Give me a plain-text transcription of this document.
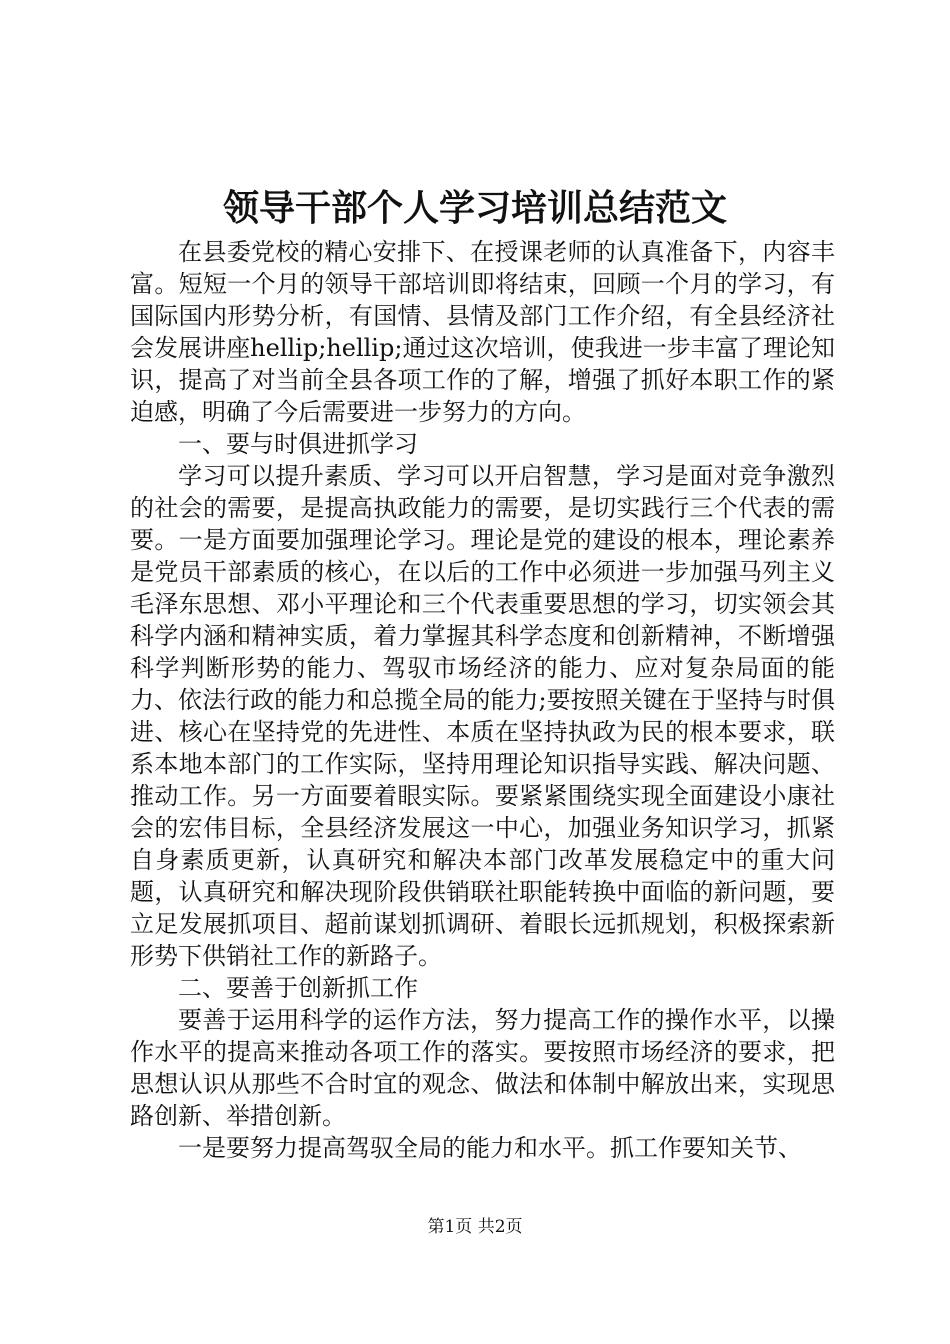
领导干部个人学习培训总结范文

在县委党校的精心安排下、在授课老师的认真准备下，内容丰富。短短一个月的领导干部培训即将结束，回顾一个月的学习，有国际国内形势分析，有国情、县情及部门工作介绍，有全县经济社会发展讲座hellip;hellip;通过这次培训，使我进一步丰富了理论知识，提高了对当前全县各项工作的了解，增强了抓好本职工作的紧迫感，明确了今后需要进一步努力的方向。

一、要与时俱进抓学习

学习可以提升素质、学习可以开启智慧，学习是面对竞争激烈的社会的需要，是提高执政能力的需要，是切实践行三个代表的需要。一是方面要加强理论学习。理论是党的建设的根本，理论素养是党员干部素质的核心，在以后的工作中必须进一步加强马列主义毛泽东思想、邓小平理论和三个代表重要思想的学习，切实领会其科学内涵和精神实质，着力掌握其科学态度和创新精神，不断增强科学判断形势的能力、驾驭市场经济的能力、应对复杂局面的能力、依法行政的能力和总揽全局的能力;要按照关键在于坚持与时俱进、核心在坚持党的先进性、本质在坚持执政为民的根本要求，联系本地本部门的工作实际，坚持用理论知识指导实践、解决问题、推动工作。另一方面要着眼实际。要紧紧围绕实现全面建设小康社会的宏伟目标，全县经济发展这一中心，加强业务知识学习，抓紧自身素质更新，认真研究和解决本部门改革发展稳定中的重大问题，认真研究和解决现阶段供销联社职能转换中面临的新问题，要立足发展抓项目、超前谋划抓调研、着眼长远抓规划，积极探索新形势下供销社工作的新路子。

二、要善于创新抓工作

要善于运用科学的运作方法，努力提高工作的操作水平，以操作水平的提高来推动各项工作的落实。要按照市场经济的要求，把思想认识从那些不合时宜的观念、做法和体制中解放出来，实现思路创新、举措创新。

一是要努力提高驾驭全局的能力和水平。抓工作要知关节、

第1页 共2页
